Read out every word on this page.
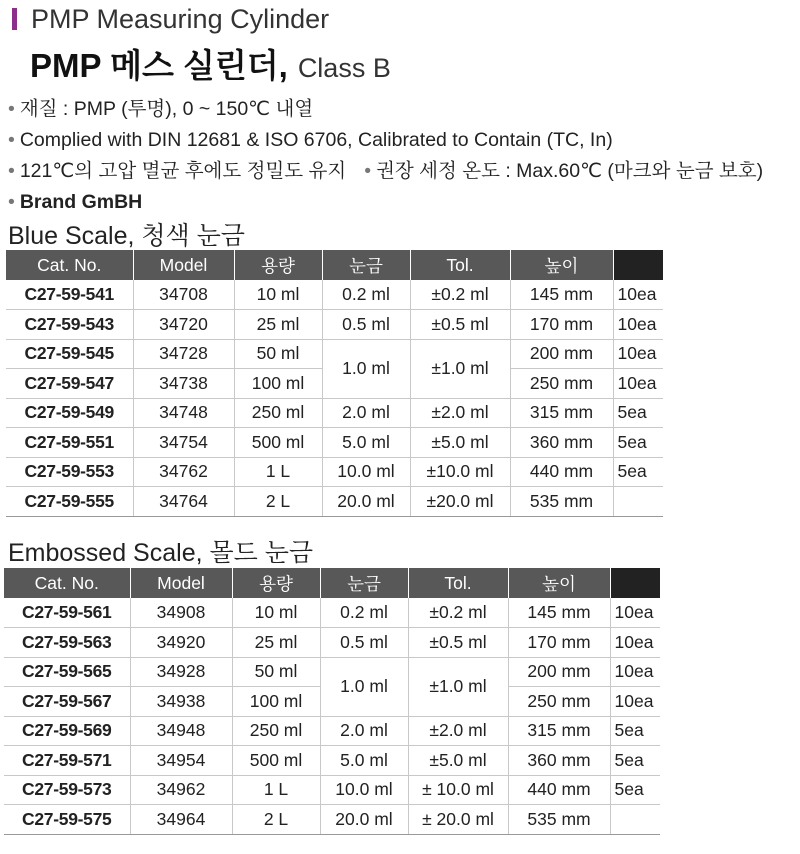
PMP Measuring Cylinder
PMP 메스 실린더, Class B
• 재질 : PMP (투명), 0 ~ 150℃ 내열
• Complied with DIN 12681 & ISO 6706, Calibrated to Contain (TC, In)
• 121℃의 고압 멸균 후에도 정밀도 유지 • 권장 세정 온도 : Max.60℃ (마크와 눈금 보호)
• Brand GmBH
Blue Scale, 청색 눈금
Cat. No.	Model	용량	눈금	Tol.	높이	
C27-59-541	34708	10 ml	0.2 ml	±0.2 ml	145 mm	10ea
C27-59-543	34720	25 ml	0.5 ml	±0.5 ml	170 mm	10ea
C27-59-545	34728	50 ml	1.0 ml	±1.0 ml	200 mm	10ea
C27-59-547	34738	100 ml			250 mm	10ea
C27-59-549	34748	250 ml	2.0 ml	±2.0 ml	315 mm	5ea
C27-59-551	34754	500 ml	5.0 ml	±5.0 ml	360 mm	5ea
C27-59-553	34762	1 L	10.0 ml	±10.0 ml	440 mm	5ea
C27-59-555	34764	2 L	20.0 ml	±20.0 ml	535 mm	
Embossed Scale, 몰드 눈금
Cat. No.	Model	용량	눈금	Tol.	높이	
C27-59-561	34908	10 ml	0.2 ml	±0.2 ml	145 mm	10ea
C27-59-563	34920	25 ml	0.5 ml	±0.5 ml	170 mm	10ea
C27-59-565	34928	50 ml	1.0 ml	±1.0 ml	200 mm	10ea
C27-59-567	34938	100 ml			250 mm	10ea
C27-59-569	34948	250 ml	2.0 ml	±2.0 ml	315 mm	5ea
C27-59-571	34954	500 ml	5.0 ml	±5.0 ml	360 mm	5ea
C27-59-573	34962	1 L	10.0 ml	± 10.0 ml	440 mm	5ea
C27-59-575	34964	2 L	20.0 ml	± 20.0 ml	535 mm	
